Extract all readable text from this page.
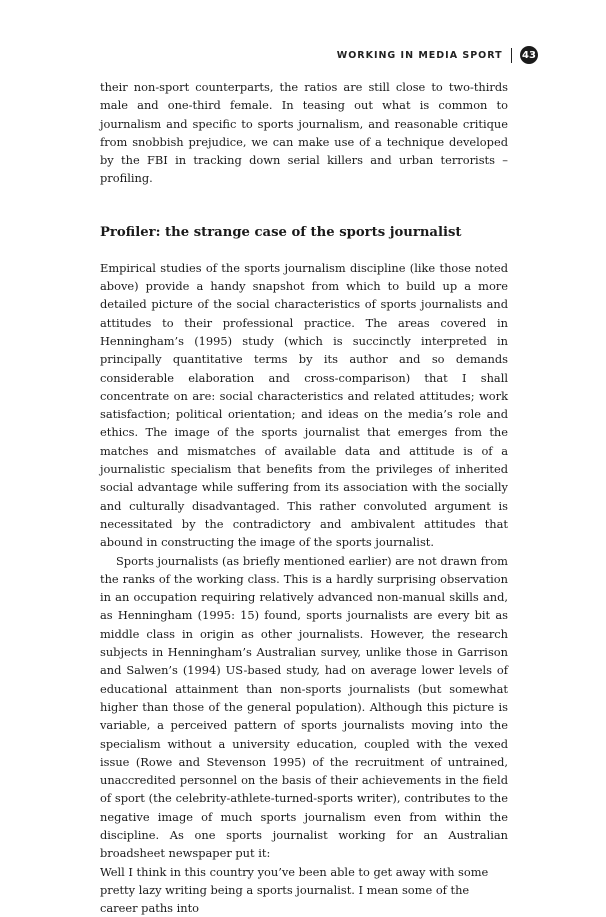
WORKING IN MEDIA SPORT 43

their non-sport counterparts, the ratios are still close to two-thirds male and one-third female. In teasing out what is common to journalism and specific to sports journalism, and reasonable critique from snobbish prejudice, we can make use of a technique developed by the FBI in tracking down serial killers and urban terrorists – profiling.

Profiler: the strange case of the sports journalist

Empirical studies of the sports journalism discipline (like those noted above) provide a handy snapshot from which to build up a more detailed picture of the social characteristics of sports journalists and attitudes to their professional practice. The areas covered in Henningham’s (1995) study (which is succinctly interpreted in principally quantitative terms by its author and so demands considerable elaboration and cross-comparison) that I shall concentrate on are: social characteristics and related attitudes; work satisfaction; political orientation; and ideas on the media’s role and ethics. The image of the sports journalist that emerges from the matches and mismatches of available data and attitude is of a journalistic specialism that benefits from the privileges of inherited social advantage while suffering from its association with the socially and culturally disadvantaged. This rather convoluted argument is necessitated by the contradictory and ambivalent attitudes that abound in constructing the image of the sports journalist.

Sports journalists (as briefly mentioned earlier) are not drawn from the ranks of the working class. This is a hardly surprising observation in an occupation requiring relatively advanced non-manual skills and, as Henningham (1995: 15) found, sports journalists are every bit as middle class in origin as other journalists. However, the research subjects in Henningham’s Australian survey, unlike those in Garrison and Salwen’s (1994) US-based study, had on average lower levels of educational attainment than non-sports journalists (but somewhat higher than those of the general population). Although this picture is variable, a perceived pattern of sports journalists moving into the specialism without a university education, coupled with the vexed issue (Rowe and Stevenson 1995) of the recruitment of untrained, unaccredited personnel on the basis of their achievements in the field of sport (the celebrity-athlete-turned-sports writer), contributes to the negative image of much sports journalism even from within the discipline. As one sports journalist working for an Australian broadsheet newspaper put it:

Well I think in this country you’ve been able to get away with some pretty lazy writing being a sports journalist. I mean some of the career paths into
